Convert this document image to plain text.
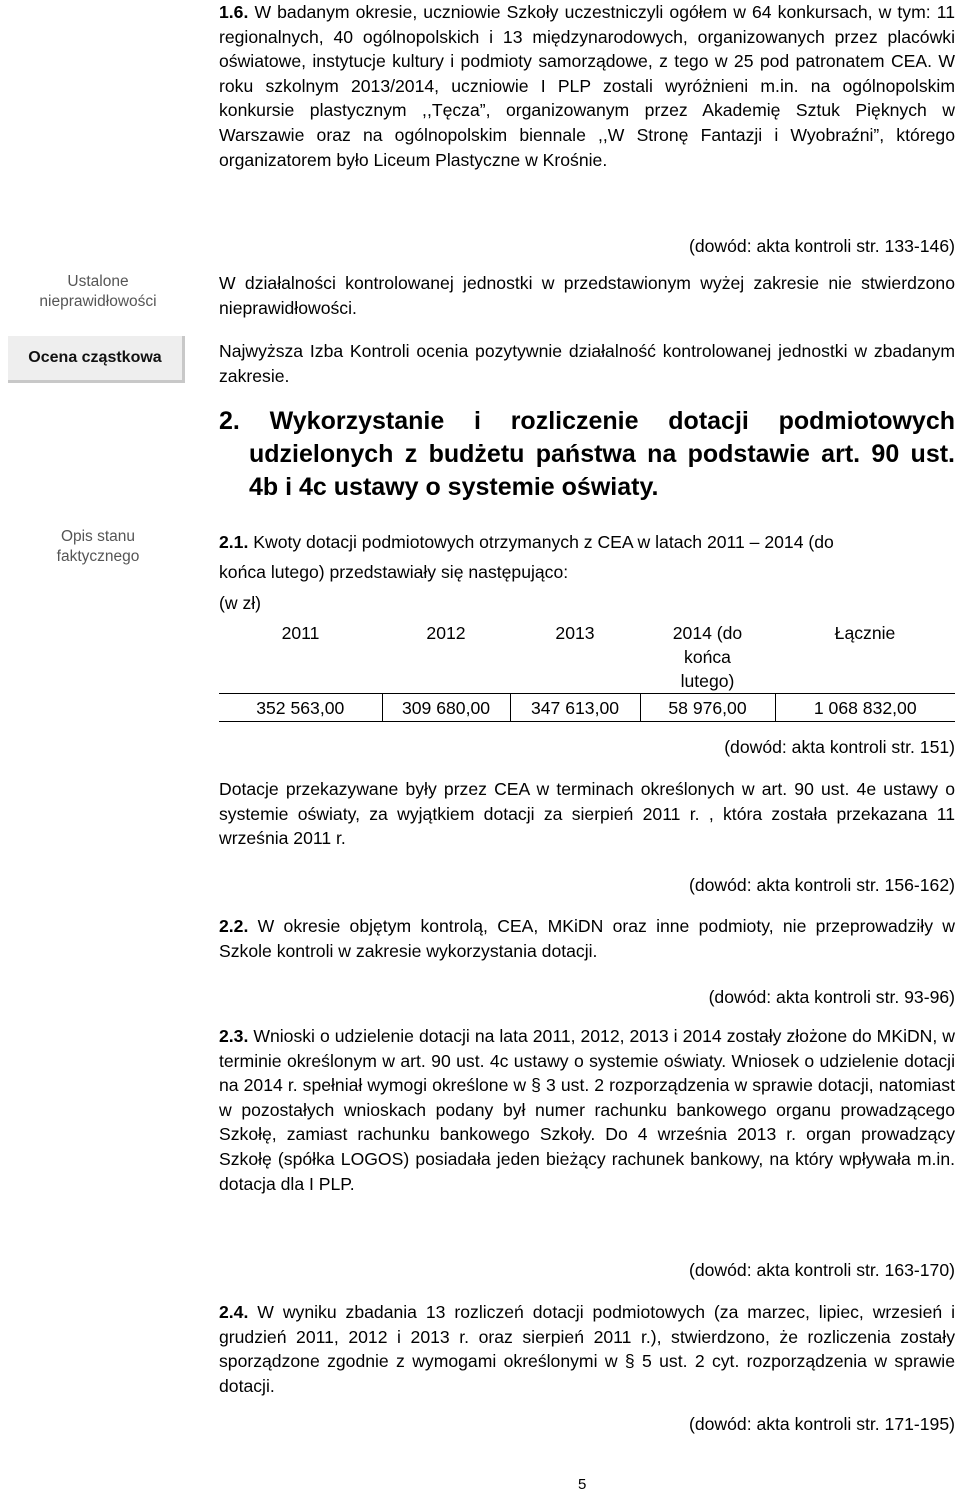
Ustalone
nieprawidłowości
Ocena cząstkowa
Opis stanu
faktycznego
1.6. W badanym okresie, uczniowie Szkoły uczestniczyli ogółem w 64 konkursach, w tym: 11 regionalnych, 40 ogólnopolskich i 13 międzynarodowych, organizowanych przez placówki oświatowe, instytucje kultury i podmioty samorządowe, z tego w 25 pod patronatem CEA. W roku szkolnym 2013/2014, uczniowie I PLP zostali wyróżnieni m.in. na ogólnopolskim konkursie plastycznym ,,Tęcza”, organizowanym przez Akademię Sztuk Pięknych w Warszawie oraz na ogólnopolskim biennale ,,W Stronę Fantazji i Wyobraźni”, którego organizatorem było Liceum Plastyczne w Krośnie.
(dowód: akta kontroli str. 133-146)
W działalności kontrolowanej jednostki w przedstawionym wyżej zakresie nie stwierdzono nieprawidłowości.
Najwyższa Izba Kontroli ocenia pozytywnie działalność kontrolowanej jednostki w zbadanym zakresie.
2. Wykorzystanie i rozliczenie dotacji podmiotowych udzielonych z budżetu państwa na podstawie art. 90 ust. 4b i 4c ustawy o systemie oświaty.
2.1. Kwoty dotacji podmiotowych otrzymanych z CEA w latach 2011 – 2014 (do
końca lutego) przedstawiały się następująco:
(w zł)
2011	2012	2013	2014 (do końca lutego)	Łącznie
352 563,00	309 680,00	347 613,00	58 976,00	1 068 832,00
(dowód: akta kontroli str. 151)
Dotacje przekazywane były przez CEA w terminach określonych w art. 90 ust. 4e ustawy o systemie oświaty, za wyjątkiem dotacji za sierpień 2011 r. , która została przekazana 11 września 2011 r.
(dowód: akta kontroli str. 156-162)
2.2. W okresie objętym kontrolą, CEA, MKiDN oraz inne podmioty, nie przeprowadziły w Szkole kontroli w zakresie wykorzystania dotacji.
(dowód: akta kontroli str. 93-96)
2.3. Wnioski o udzielenie dotacji na lata 2011, 2012, 2013 i 2014 zostały złożone do MKiDN, w terminie określonym w art. 90 ust. 4c ustawy o systemie oświaty. Wniosek o udzielenie dotacji na 2014 r. spełniał wymogi określone w § 3 ust. 2 rozporządzenia w sprawie dotacji, natomiast w pozostałych wnioskach podany był numer rachunku bankowego organu prowadzącego Szkołę, zamiast rachunku bankowego Szkoły. Do 4 września 2013 r. organ prowadzący Szkołę (spółka LOGOS) posiadała jeden bieżący rachunek bankowy, na który wpływała m.in. dotacja dla I PLP.
(dowód: akta kontroli str. 163-170)
2.4. W wyniku zbadania 13 rozliczeń dotacji podmiotowych (za marzec, lipiec, wrzesień i grudzień 2011, 2012 i 2013 r. oraz sierpień 2011 r.), stwierdzono, że rozliczenia zostały sporządzone zgodnie z wymogami określonymi w § 5 ust. 2 cyt. rozporządzenia w sprawie dotacji.
(dowód: akta kontroli str. 171-195)
5
